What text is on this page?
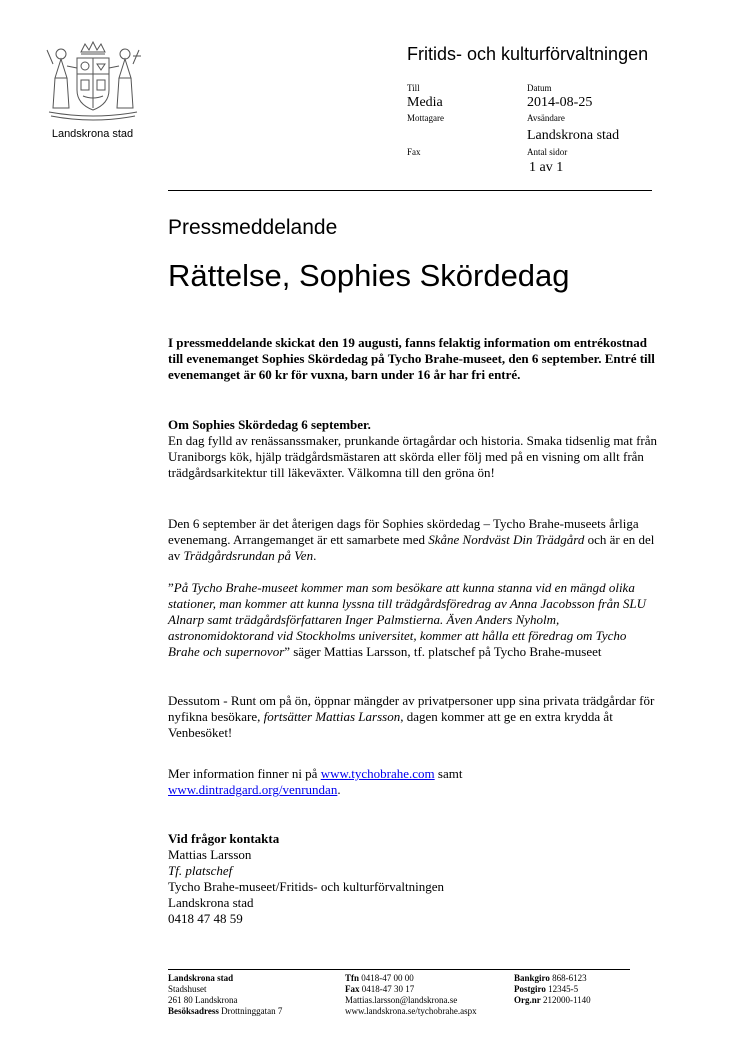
Landskrona stad
Fritids- och kulturförvaltningen
Till
Media
Mottagare
Fax
Datum
2014-08-25
Avsändare
Landskrona stad
Antal sidor
1 av 1
Pressmeddelande
Rättelse, Sophies Skördedag

I pressmeddelande skickat den 19 augusti, fanns felaktig information om entrékostnad till evenemanget Sophies Skördedag på Tycho Brahe-museet, den 6 september. Entré till evenemanget är 60 kr för vuxna, barn under 16 år har fri entré.

Om Sophies Skördedag 6 september.

En dag fylld av renässanssmaker, prunkande örtagårdar och historia. Smaka tidsenlig mat från Uraniborgs kök, hjälp trädgårdsmästaren att skörda eller följ med på en visning om allt från trädgårdsarkitektur till läkeväxter. Välkomna till den gröna ön!

Den 6 september är det återigen dags för Sophies skördedag – Tycho Brahe-museets årliga evenemang. Arrangemanget är ett samarbete med Skåne Nordväst Din Trädgård och är en del av Trädgårdsrundan på Ven.

”På Tycho Brahe-museet kommer man som besökare att kunna stanna vid en mängd olika stationer, man kommer att kunna lyssna till trädgårdsföredrag av Anna Jacobsson från SLU Alnarp samt trädgårdsförfattaren Inger Palmstierna. Även Anders Nyholm, astronomidoktorand vid Stockholms universitet, kommer att hålla ett föredrag om Tycho Brahe och supernovor” säger Mattias Larsson, tf. platschef på Tycho Brahe-museet

Dessutom - Runt om på ön, öppnar mängder av privatpersoner upp sina privata trädgårdar för nyfikna besökare, fortsätter Mattias Larsson, dagen kommer att ge en extra krydda åt Venbesöket!

Mer information finner ni på www.tychobrahe.com samt
www.dintradgard.org/venrundan.

Vid frågor kontakta

Mattias Larsson

Tf. platschef

Tycho Brahe-museet/Fritids- och kulturförvaltningen

Landskrona stad

0418 47 48 59

Landskrona stad
Stadshuset
261 80 Landskrona
Besöksadress Drottninggatan 7
Tfn 0418-47 00 00
Fax 0418-47 30 17
Mattias.larsson@landskrona.se
www.landskrona.se/tychobrahe.aspx
Bankgiro 868-6123
Postgiro 12345-5
Org.nr 212000-1140
